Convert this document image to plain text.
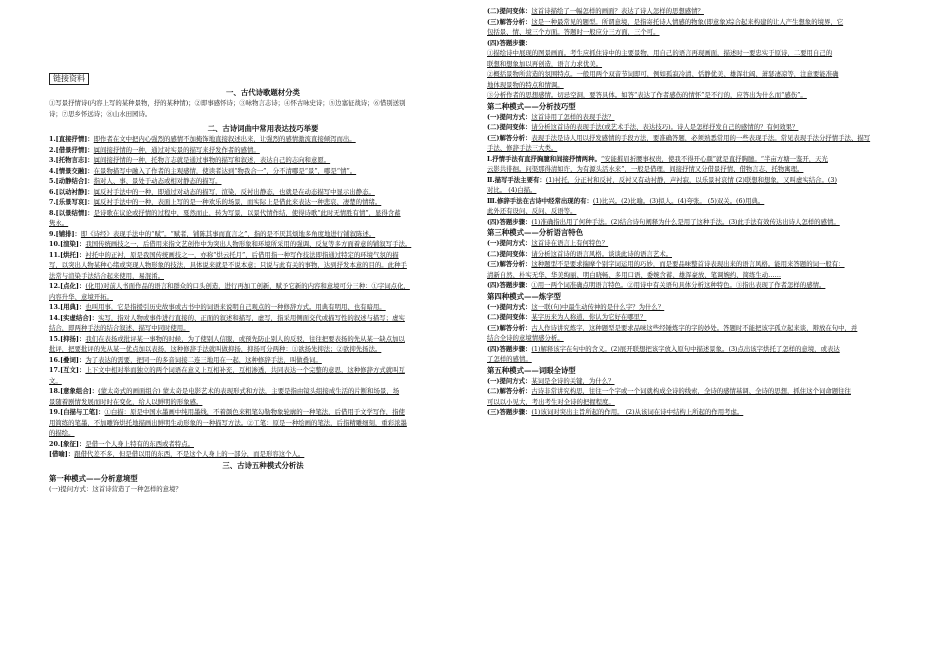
链接资料

一、古代诗歌题材分类

①写景抒情诗(内容上写的某种景物，抒的某种情)；②即事感怀诗；③咏物言志诗；④怀古咏史诗；⑤边塞征战诗；⑥惜别送别

诗；⑦思乡怀远诗；⑧山水田园诗。

二、古诗词曲中常用表达技巧举要

1.[直接抒情]：即作者在文中把内心强烈的感情不加掩饰地直接叙述出来，让强烈的感情激流直接倾泻而出。

2.[借景抒情]：属间接抒情的一种，通过对实景的描写来抒发作者的感情。

3.[托物言志]：属间接抒情的一种，托物言志就是通过事物的描写和叙述，表达自己的志向和意愿。

4.[情景交融]：在景物描写中融入了作者的主观感情，使读者达到“物我合一”，分不清哪是“景”，哪是“情”。

5.[动静结合]：指对人、事、景处于动态或相对静态的描写。

6.[以动衬静]：属反衬手法中的一种，即通过对动态的描写，渲染，反衬出静态，也就是在动态描写中显示出静态。

7.[乐景写哀]：属反衬手法中的一种，表面上写的是一种欢乐的场景，而实际上是借此来表达一种悲哀、凄楚的情绪。

8.[以景结情]：是诗歌在议论或抒情的过程中，戛然而止，转为写景，以景代情作结，使得诗歌“此时无情胜有情”，显得含蓄

隽永。

9.[铺排]：即《诗经》表现手法中的“赋”。“赋者，铺陈其事而直言之”，指的是不厌其烦地多角度地进行铺叙陈述。

10.[渲染]：我国传统画技之一，后借用来指文艺创作中为突出人物形象和环境所采用的强调、反复等多方面着意的铺叙写手法。

11.[烘托]：衬托中的正衬，原是我国传统画技之一，亦称“烘云托月”，后借用指一种写作技法即指通过特定的环境气氛的描

写，以突出人物某种心绪或突现人物形象的技法，具体说来就是不说本意；只说与此有关的事物，达到抒发本意的目的。此种手

法常与渲染手法结合起来使用，易混淆。

12.[点化]：(化用)对前人书面作品的语言和群众的口头创造，进行再加工创新，赋予它新的内容和意境可分三种：①字词点化，

内容升华、意境开拓。

13.[用典]：也叫用事，它是指援引历史故事或古书中的词语来说明自己观点的一种修辞方式。用典有明用、也有暗用。

14.[实虚结合]：实写，指对人物或事件进行直接的、正面的叙述和描写，虚写，指采用侧面交代或描写性的叙述与描写；虚实

结合，即两种手法的结合叙述、描写中同时使用。

15.[抑扬]：我们在表扬或批评某一事物的时候，为了使别人信服，或预先防止别人的反驳，往往把要表扬的先从某一缺点加以

批评，把要批评的先从某一优点加以表扬，这种修辞手法就叫做抑扬，抑扬可分两种：①欲扬先抑法；②欲抑先扬法。

16.[叠词]：为了表达的需要，把同一的多音词接二连三地用在一起，这种修辞手法，叫做叠词。

17.[互文]：上下文中相对举而独立的两个词语在意义上互相补充，互相渗透，共同表达一个完整的意思，这种修辞方式就叫互

文。

18.[意象组合]：(蒙太奇式的画面组合) 蒙太奇是电影艺术的表现形式和方法，主要是指由镜头组接成生活的片断和场景，场

景随着剧情发展而时时在变化，给人以鲜明的形象感。

19.[白描与工笔]：①白描：原是中国水墨画中纯用墨线，不着颜色来粗笔勾勒物象轮廓的一种笔法，后借用于文学写作，指使

用简练的笔墨，不加雕饰烘托地描画出鲜明生动形象的一种描写方法。②工笔：原是一种绘画的笔法，后指精雕细刻，重彩浓墨

的描绘。

20.[象征]：是借一个人身上特有的东西或者特点。

[借喻]：跟借代差不多，但是借以用的东西，不是这个人身上的一部分，而是形容这个人。

三、古诗五种模式分析法

第一种模式——分析意境型

(一)提问方式：这首诗营造了一种怎样的意境？

(二)提问变体：这首诗描绘了一幅怎样的画面？表达了诗人怎样的思想感情？

(三)解答分析：这是一种最常见的题型。所谓意境，是指寄托诗人情感的物象(即意象)综合起来构建的让人产生想象的境界，它

包括景、情、境三个方面。答题时一般应分三方面，三个可。

(四)答题步骤：

①描绘诗中展现的图景画面。考生应抓住诗中的主要景物，用自己的语言再现画面，描述时一要忠实于原诗，二要用自己的

联想和想象加以再创造，语言力求优美。

②概括景物所营造的氛围特点。一般用两个双音节词即可，例如孤寂冷清、恬静优美、雄浑壮阔、萧瑟凄凉等，注意要能准确

地体现景物的特点和情调。

③分析作者的思想感情。切忌空洞，要答具体。如答“表达了作者感伤的情怀”是不行的，应答出为什么而“感伤”。

第二种模式——分析技巧型

(一)提问方式：这首诗用了怎样的表现手法？

(二)提问变体：请分析这首诗的表现手法(或艺术手法、表达技巧)。诗人是怎样抒发自己的感情的？有何效果？

(三)解答分析：表现手法是诗人用以抒发感情的手段方法，要准确答题，必须熟悉常用的一些表现手法。常见表现手法分抒情手法、描写

手法、修辞手法三大类。

Ⅰ.抒情手法有直抒胸臆和间接抒情两种。“安能摧眉折腰事权贵，使我不得开心颜”就是直抒胸臆。“半亩方塘一鉴开，天光

云影共徘徊。问渠那得清如许，为有源头活水来”，一般是借理，间接抒情又分借景抒情、借物言志、托物寓理。

Ⅱ.描写手法主要有：(1)衬托，分正衬和反衬，反衬又有动衬静，声衬寂，以乐景衬哀情 (2)联想和想象，又叫虚实结合。(3)

对比。 (4)白描。

Ⅲ.修辞手法在古诗中经常出现的有：(1)比兴。(2)比喻。(3)拟人。(4)夸张。 (5)双关。(6)用典。

此外还有设问、反问、反语等。

(四)答题步骤：(1)准确指出用了何种手法。(2)结合诗句阐释为什么是用了这种手法。(3)此手法有效传达出诗人怎样的感情。

第三种模式——分析语言特色

(一)提问方式：这首诗在语言上有何特色？

(二)提问变体：请分析这首诗的语言风格。谈谈此诗的语言艺术。

(三)解答分析：这种题型不是要求揣摩个别字词运用的巧妙，而是要品味整首诗表现出来的语言风格。能用来答题的词一般有：

清新自然、朴实无华、华美绚丽、明白晓畅、多用口语、委婉含蓄、雄浑豪放、笔调婉约、简练生动……

(四)答题步骤：①用一两个词准确点明语言特色。②用诗中有关语句具体分析这种特色。③指出表现了作者怎样的感情。

第四种模式——炼字型

(一)提问方式：这一联(句)中最生动传神的是什么字？为什么？

(二)提问变体：某字历来为人称道，你认为它好在哪里？

(三)解答分析：古人作诗讲究炼字，这种题型是要求品味这些经锤炼字的字的妙处。答题时不能把该字孤立起来谈，辩放在句中，并

结合全诗的意境情感分析。

(四)答题步骤：(1)解释该字在句中的含义。(2)展开联想把该字放入原句中描述景象。(3)点出该字烘托了怎样的意境，或表达

了怎样的感情。

第五种模式——词眼全诗型

(一)提问方式：某词是全诗的关键，为什么？

(二)解答分析：古诗非常讲究构思，往往一个字或一个词就构成全诗的线索，全诗的感情基调、全诗的思想，抓住这个词命题往往

可以以小见大，考出考生对全诗的把握程度。

(三)答题步骤：(1)该词对突出主旨所起的作用。 (2)从该词在诗中结构上所起的作用考虑。
